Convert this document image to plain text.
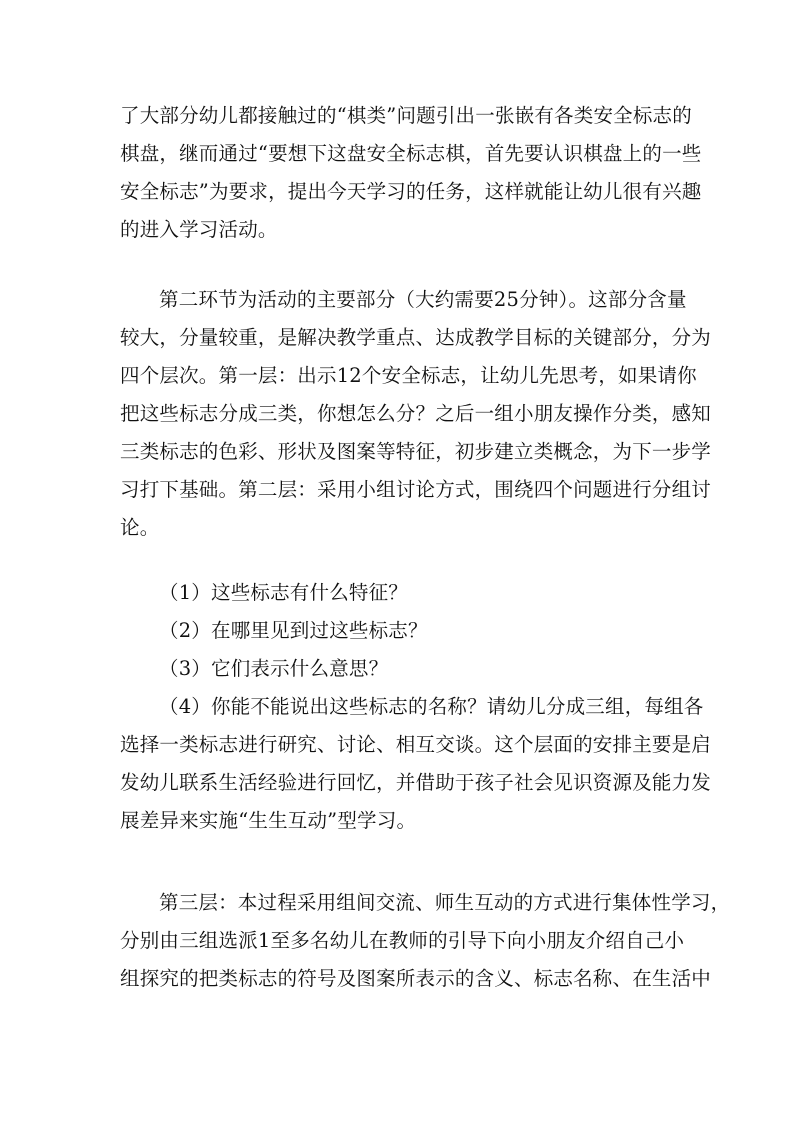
了大部分幼儿都接触过的“棋类”问题引出一张嵌有各类安全标志的
棋盘，继而通过“要想下这盘安全标志棋，首先要认识棋盘上的一些
安全标志”为要求，提出今天学习的任务，这样就能让幼儿很有兴趣
的进入学习活动。
第二环节为活动的主要部分（大约需要25分钟）。这部分含量
较大，分量较重，是解决教学重点、达成教学目标的关键部分，分为
四个层次。第一层：出示12个安全标志，让幼儿先思考，如果请你
把这些标志分成三类，你想怎么分？之后一组小朋友操作分类，感知
三类标志的色彩、形状及图案等特征，初步建立类概念，为下一步学
习打下基础。第二层：采用小组讨论方式，围绕四个问题进行分组讨
论。
（1）这些标志有什么特征？
（2）在哪里见到过这些标志？
（3）它们表示什么意思？
（4）你能不能说出这些标志的名称？请幼儿分成三组，每组各
选择一类标志进行研究、讨论、相互交谈。这个层面的安排主要是启
发幼儿联系生活经验进行回忆，并借助于孩子社会见识资源及能力发
展差异来实施“生生互动”型学习。
第三层：本过程采用组间交流、师生互动的方式进行集体性学习，
分别由三组选派1至多名幼儿在教师的引导下向小朋友介绍自己小
组探究的把类标志的符号及图案所表示的含义、标志名称、在生活中
